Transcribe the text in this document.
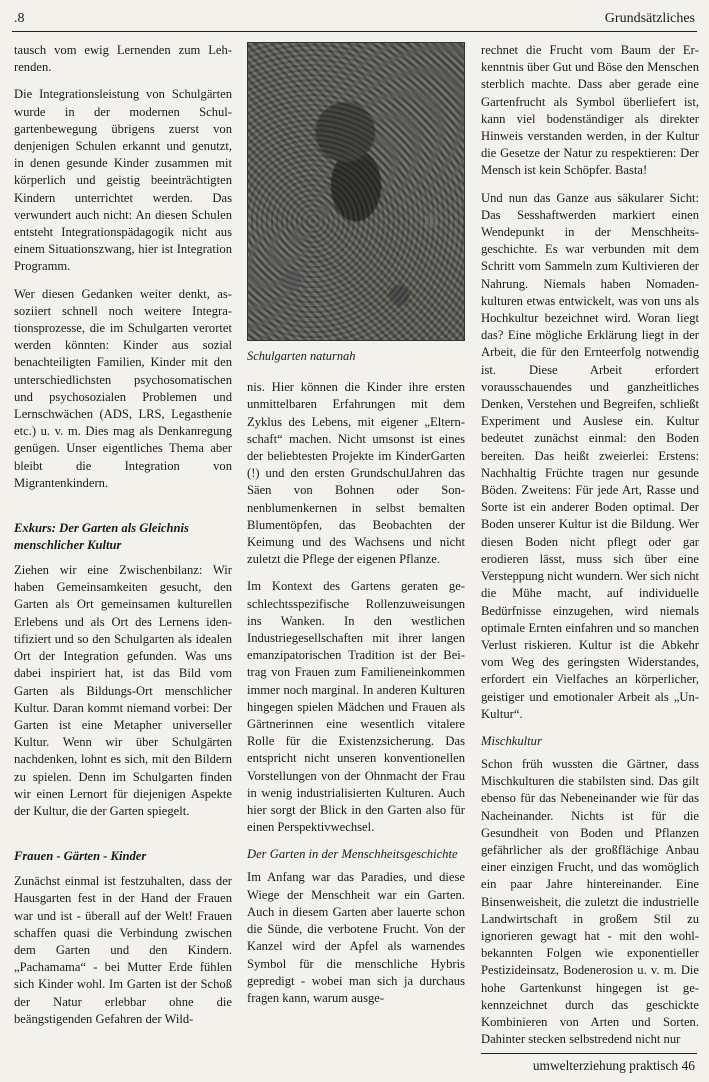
.8	Grundsätzliches

tausch vom ewig Lernenden zum Lehrenden.

Die Integrationsleistung von Schulgärten wurde in der modernen Schulgartenbewegung übrigens zuerst von denjenigen Schulen erkannt und genutzt, in denen gesunde Kinder zusammen mit körperlich und geistig beeinträchtigten Kindern unterrichtet werden. Das verwundert auch nicht: An diesen Schulen entsteht Integrationspädagogik nicht aus einem Situationszwang, hier ist Integration Programm.

Wer diesen Gedanken weiter denkt, assoziiert schnell noch weitere Integrationsprozesse, die im Schulgarten verortet werden könnten: Kinder aus sozial benachteiligten Familien, Kinder mit den unterschiedlichsten psychosomatischen und psychosozialen Problemen und Lernschwächen (ADS, LRS, Legasthenie etc.) u. v. m. Dies mag als Denkanregung genügen. Unser eigentliches Thema aber bleibt die Integration von Migrantenkindern.

Exkurs: Der Garten als Gleichnis menschlicher Kultur

Ziehen wir eine Zwischenbilanz: Wir haben Gemeinsamkeiten gesucht, den Garten als Ort gemeinsamen kulturellen Erlebens und als Ort des Lernens identifiziert und so den Schulgarten als idealen Ort der Integration gefunden. Was uns dabei inspiriert hat, ist das Bild vom Garten als Bildungs-Ort menschlicher Kultur. Daran kommt niemand vorbei: Der Garten ist eine Metapher universeller Kultur. Wenn wir über Schulgärten nachdenken, lohnt es sich, mit den Bildern zu spielen. Denn im Schulgarten finden wir einen Lernort für diejenigen Aspekte der Kultur, die der Garten spiegelt.

Frauen - Gärten - Kinder

Zunächst einmal ist festzuhalten, dass der Hausgarten fest in der Hand der Frauen war und ist - überall auf der Welt! Frauen schaffen quasi die Verbindung zwischen dem Garten und den Kindern. „Pachamama“ - bei Mutter Erde fühlen sich Kinder wohl. Im Garten ist der Schoß der Natur erlebbar ohne die beängstigenden Gefahren der Wild-

Schulgarten naturnah

nis. Hier können die Kinder ihre ersten unmittelbaren Erfahrungen mit dem Zyklus des Lebens, mit eigener „Elternschaft“ machen. Nicht umsonst ist eines der beliebtesten Projekte im KinderGarten (!) und den ersten GrundschulJahren das Säen von Bohnen oder Sonnenblumenkernen in selbst bemalten Blumentöpfen, das Beobachten der Keimung und des Wachsens und nicht zuletzt die Pflege der eigenen Pflanze.

Im Kontext des Gartens geraten geschlechtsspezifische Rollenzuweisungen ins Wanken. In den westlichen Industriegesellschaften mit ihrer langen emanzipatorischen Tradition ist der Beitrag von Frauen zum Familieneinkommen immer noch marginal. In anderen Kulturen hingegen spielen Mädchen und Frauen als Gärtnerinnen eine wesentlich vitalere Rolle für die Existenzsicherung. Das entspricht nicht unseren konventionellen Vorstellungen von der Ohnmacht der Frau in wenig industrialisierten Kulturen. Auch hier sorgt der Blick in den Garten also für einen Perspektivwechsel.

Der Garten in der Menschheitsgeschichte

Im Anfang war das Paradies, und diese Wiege der Menschheit war ein Garten. Auch in diesem Garten aber lauerte schon die Sünde, die verbotene Frucht. Von der Kanzel wird der Apfel als warnendes Symbol für die menschliche Hybris gepredigt - wobei man sich ja durchaus fragen kann, warum ausge-

rechnet die Frucht vom Baum der Erkenntnis über Gut und Böse den Menschen sterblich machte. Dass aber gerade eine Gartenfrucht als Symbol überliefert ist, kann viel bodenständiger als direkter Hinweis verstanden werden, in der Kultur die Gesetze der Natur zu respektieren: Der Mensch ist kein Schöpfer. Basta!

Und nun das Ganze aus säkularer Sicht: Das Sesshaftwerden markiert einen Wendepunkt in der Menschheitsgeschichte. Es war verbunden mit dem Schritt vom Sammeln zum Kultivieren der Nahrung. Niemals haben Nomadenkulturen etwas entwickelt, was von uns als Hochkultur bezeichnet wird. Woran liegt das? Eine mögliche Erklärung liegt in der Arbeit, die für den Ernteerfolg notwendig ist. Diese Arbeit erfordert vorausschauendes und ganzheitliches Denken, Verstehen und Begreifen, schließt Experiment und Auslese ein. Kultur bedeutet zunächst einmal: den Boden bereiten. Das heißt zweierlei: Erstens: Nachhaltig Früchte tragen nur gesunde Böden. Zweitens: Für jede Art, Rasse und Sorte ist ein anderer Boden optimal. Der Boden unserer Kultur ist die Bildung. Wer diesen Boden nicht pflegt oder gar erodieren lässt, muss sich über eine Versteppung nicht wundern. Wer sich nicht die Mühe macht, auf individuelle Bedürfnisse einzugehen, wird niemals optimale Ernten einfahren und so manchen Verlust riskieren. Kultur ist die Abkehr vom Weg des geringsten Widerstandes, erfordert ein Vielfaches an körperlicher, geistiger und emotionaler Arbeit als „Un-Kultur“.

Mischkultur

Schon früh wussten die Gärtner, dass Mischkulturen die stabilsten sind. Das gilt ebenso für das Nebeneinander wie für das Nacheinander. Nichts ist für die Gesundheit von Boden und Pflanzen gefährlicher als der großflächige Anbau einer einzigen Frucht, und das womöglich ein paar Jahre hintereinander. Eine Binsenweisheit, die zuletzt die industrielle Landwirtschaft in großem Stil zu ignorieren gewagt hat - mit den wohlbekannten Folgen wie exponentieller Pestizideinsatz, Bodenerosion u. v. m. Die hohe Gartenkunst hingegen ist gekennzeichnet durch das geschickte Kombinieren von Arten und Sorten. Dahinter stecken selbstredend nicht nur

umwelterziehung praktisch 46
